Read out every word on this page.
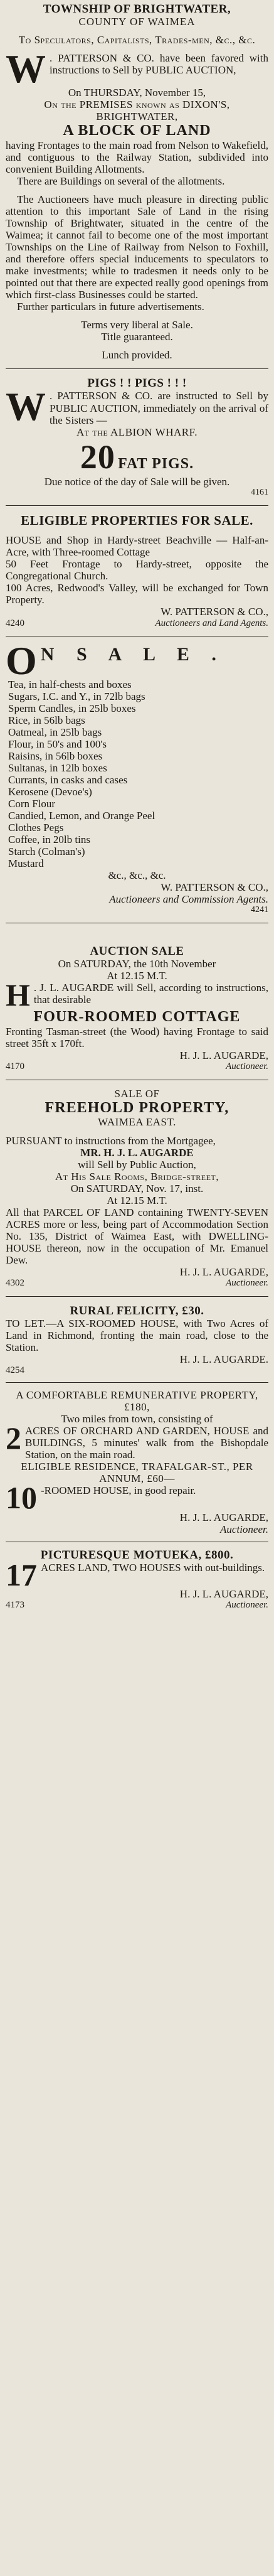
TOWNSHIP OF BRIGHTWATER,
COUNTY OF WAIMEA
To Speculators, Capitalists, Trades-men, &c., &c.
W . PATTERSON & CO. have been favored with instructions to Sell by PUBLIC AUCTION,
On THURSDAY, November 15,
On the PREMISES known as DIXON'S, BRIGHTWATER,
A BLOCK OF LAND
having Frontages to the main road from Nelson to Wakefield, and contiguous to the Railway Station, subdivided into convenient Building Allotments.
There are Buildings on several of the allotments.
The Auctioneers have much pleasure in directing public attention to this important Sale of Land in the rising Township of Brightwater, situated in the centre of the Waimea; it cannot fail to become one of the most important Townships on the Line of Railway from Nelson to Foxhill, and therefore offers special inducements to speculators to make investments; while to tradesmen it needs only to be pointed out that there are expected really good openings from which first-class Businesses could be started.
Further particulars in future advertisements.
Terms very liberal at Sale.
Title guaranteed.
Lunch provided.
PIGS ! ! PIGS ! ! !
W . PATTERSON & CO. are instructed to Sell by PUBLIC AUCTION, immediately on the arrival of the Sisters —
At the ALBION WHARF.
20 FAT PIGS.
Due notice of the day of Sale will be given.
4161
ELIGIBLE PROPERTIES FOR SALE.
HOUSE and Shop in Hardy-street Beachville — Half-an-Acre, with Three-roomed Cottage
50 Feet Frontage to Hardy-street, opposite the Congregational Church.
100 Acres, Redwood's Valley, will be exchanged for Town Property.
W. PATTERSON & CO.,
4240	Auctioneers and Land Agents.
O N S A L E .
Tea, in half-chests and boxes
Sugars, I.C. and Y., in 72lb bags
Sperm Candles, in 25lb boxes
Rice, in 56lb bags
Oatmeal, in 25lb bags
Flour, in 50's and 100's
Raisins, in 56lb boxes
Sultanas, in 12lb boxes
Currants, in casks and cases
Kerosene (Devoe's)
Corn Flour
Candied, Lemon, and Orange Peel
Clothes Pegs
Coffee, in 20lb tins
Starch (Colman's)
Mustard
&c., &c., &c.
W. PATTERSON & CO.,
Auctioneers and Commission Agents.
4241
AUCTION SALE
On SATURDAY, the 10th November
At 12.15 M.T.
H . J. L. AUGARDE will Sell, according to instructions, that desirable
FOUR-ROOMED COTTAGE
Fronting Tasman-street (the Wood) having Frontage to said street 35ft x 170ft.
H. J. L. AUGARDE,
4170	Auctioneer.
SALE OF
FREEHOLD PROPERTY,
WAIMEA EAST.
PURSUANT to instructions from the Mortgagee,
MR. H. J. L. AUGARDE
will Sell by Public Auction,
At His Sale Rooms, Bridge-street,
On SATURDAY, Nov. 17, inst.
At 12.15 M.T.
All that PARCEL OF LAND containing TWENTY-SEVEN ACRES more or less, being part of Accommodation Section No. 135, District of Waimea East, with DWELLING-HOUSE thereon, now in the occupation of Mr. Emanuel Dew.
H. J. L. AUGARDE,
4302	Auctioneer.
RURAL FELICITY, £30.
TO LET.—A SIX-ROOMED HOUSE, with Two Acres of Land in Richmond, fronting the main road, close to the Station.
H. J. L. AUGARDE.
4254
A COMFORTABLE REMUNERATIVE PROPERTY, £180,
Two miles from town, consisting of
2 ACRES OF ORCHARD AND GARDEN, HOUSE and BUILDINGS, 5 minutes' walk from the Bishopdale Station, on the main road.
ELIGIBLE RESIDENCE, TRAFALGAR-ST., PER ANNUM, £60—
10 -ROOMED HOUSE, in good repair.
H. J. L. AUGARDE,
Auctioneer.
PICTURESQUE MOTUEKA, £800.
17 ACRES LAND, TWO HOUSES with out-buildings.
H. J. L. AUGARDE,
4173	Auctioneer.
